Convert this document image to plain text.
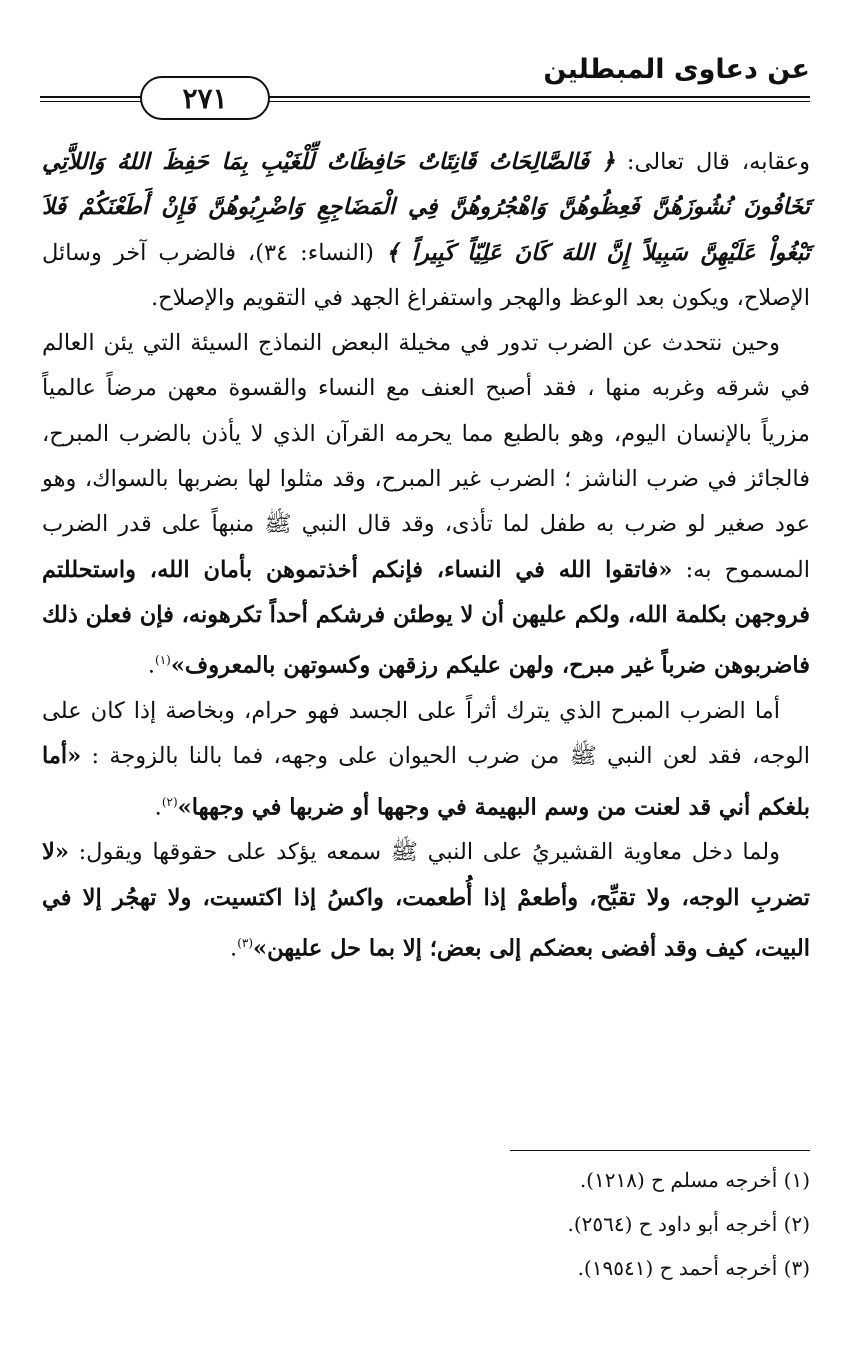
عن دعاوى المبطلين
٢٧١

وعقابه، قال تعالى: ﴿ فَالصَّالِحَاتُ قَانِتَاتٌ حَافِظَاتٌ لِّلْغَيْبِ بِمَا حَفِظَ اللهُ وَاللاَّتِي تَخَافُونَ نُشُوزَهُنَّ فَعِظُوهُنَّ وَاهْجُرُوهُنَّ فِي الْمَضَاجِعِ وَاضْرِبُوهُنَّ فَإِنْ أَطَعْنَكُمْ فَلاَ تَبْغُواْ عَلَيْهِنَّ سَبِيلاً إِنَّ اللهَ كَانَ عَلِيّاً كَبِيراً ﴾ (النساء: ٣٤)، فالضرب آخر وسائل الإصلاح، ويكون بعد الوعظ والهجر واستفراغ الجهد في التقويم والإصلاح.

وحين نتحدث عن الضرب تدور في مخيلة البعض النماذج السيئة التي يئن العالم في شرقه وغربه منها ، فقد أصبح العنف مع النساء والقسوة معهن مرضاً عالمياً مزرياً بالإنسان اليوم، وهو بالطبع مما يحرمه القرآن الذي لا يأذن بالضرب المبرح، فالجائز في ضرب الناشز ؛ الضرب غير المبرح، وقد مثلوا لها بضربها بالسواك، وهو عود صغير لو ضرب به طفل لما تأذى، وقد قال النبي ﷺ منبهاً على قدر الضرب المسموح به: «فاتقوا الله في النساء، فإنكم أخذتموهن بأمان الله، واستحللتم فروجهن بكلمة الله، ولكم عليهن أن لا يوطئن فرشكم أحداً تكرهونه، فإن فعلن ذلك فاضربوهن ضرباً غير مبرح، ولهن عليكم رزقهن وكسوتهن بالمعروف»$^{(١)}$.

أما الضرب المبرح الذي يترك أثراً على الجسد فهو حرام، وبخاصة إذا كان على الوجه، فقد لعن النبي ﷺ من ضرب الحيوان على وجهه، فما بالنا بالزوجة : «أما بلغكم أني قد لعنت من وسم البهيمة في وجهها أو ضربها في وجهها»$^{(٢)}$.

ولما دخل معاوية القشيريُ على النبي ﷺ سمعه يؤكد على حقوقها ويقول: «لا تضربِ الوجه، ولا تقبِّح، وأطعمْ إذا أُطعمت، واكسُ إذا اكتسيت، ولا تهجُر إلا في البيت، كيف وقد أفضى بعضكم إلى بعض؛ إلا بما حل عليهن»$^{(٣)}$.

(١) أخرجه مسلم ح (١٢١٨).

(٢) أخرجه أبو داود ح (٢٥٦٤).

(٣) أخرجه أحمد ح (١٩٥٤١).
